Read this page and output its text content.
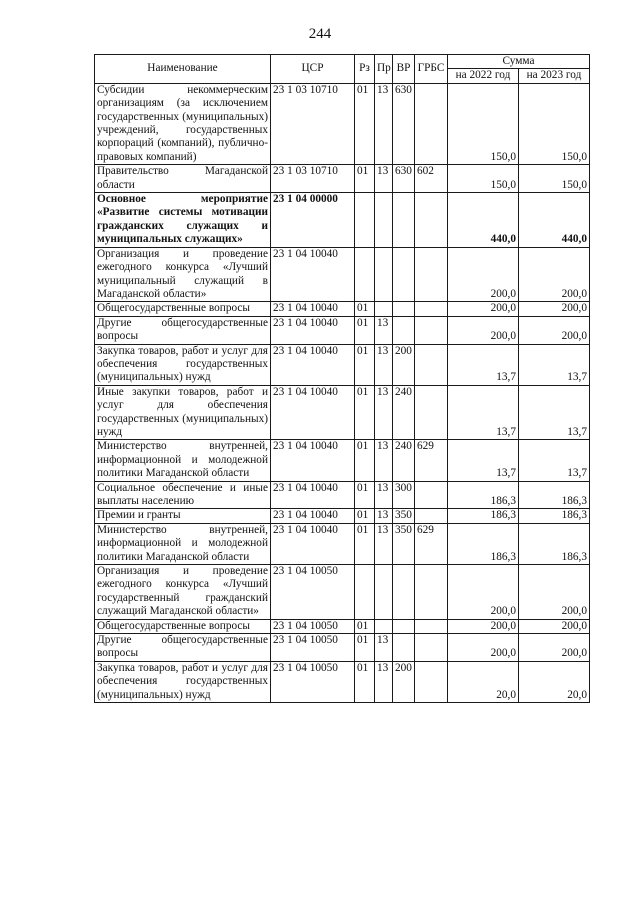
244
Наименование	ЦСР	Рз	Пр	ВР	ГРБС	Сумма	
						на 2022 год	на 2023 год
Субсидии некоммерческим организациям (за исключением государственных (муниципальных) учреждений, государственных корпораций (компаний), публично-правовых компаний)	23 1 03 10710	01	13	630		150,0	150,0
Правительство Магаданской области	23 1 03 10710	01	13	630	602	150,0	150,0
Основное мероприятие «Развитие системы мотивации гражданских служащих и муниципальных служащих»	23 1 04 00000					440,0	440,0
Организация и проведение ежегодного конкурса «Лучший муниципальный служащий в Магаданской области»	23 1 04 10040					200,0	200,0
Общегосударственные вопросы	23 1 04 10040	01				200,0	200,0
Другие общегосударственные вопросы	23 1 04 10040	01	13			200,0	200,0
Закупка товаров, работ и услуг для обеспечения государственных (муниципальных) нужд	23 1 04 10040	01	13	200		13,7	13,7
Иные закупки товаров, работ и услуг для обеспечения государственных (муниципальных) нужд	23 1 04 10040	01	13	240		13,7	13,7
Министерство внутренней, информационной и молодежной политики Магаданской области	23 1 04 10040	01	13	240	629	13,7	13,7
Социальное обеспечение и иные выплаты населению	23 1 04 10040	01	13	300		186,3	186,3
Премии и гранты	23 1 04 10040	01	13	350		186,3	186,3
Министерство внутренней, информационной и молодежной политики Магаданской области	23 1 04 10040	01	13	350	629	186,3	186,3
Организация и проведение ежегодного конкурса «Лучший государственный гражданский служащий Магаданской области»	23 1 04 10050					200,0	200,0
Общегосударственные вопросы	23 1 04 10050	01				200,0	200,0
Другие общегосударственные вопросы	23 1 04 10050	01	13			200,0	200,0
Закупка товаров, работ и услуг для обеспечения государственных (муниципальных) нужд	23 1 04 10050	01	13	200		20,0	20,0
